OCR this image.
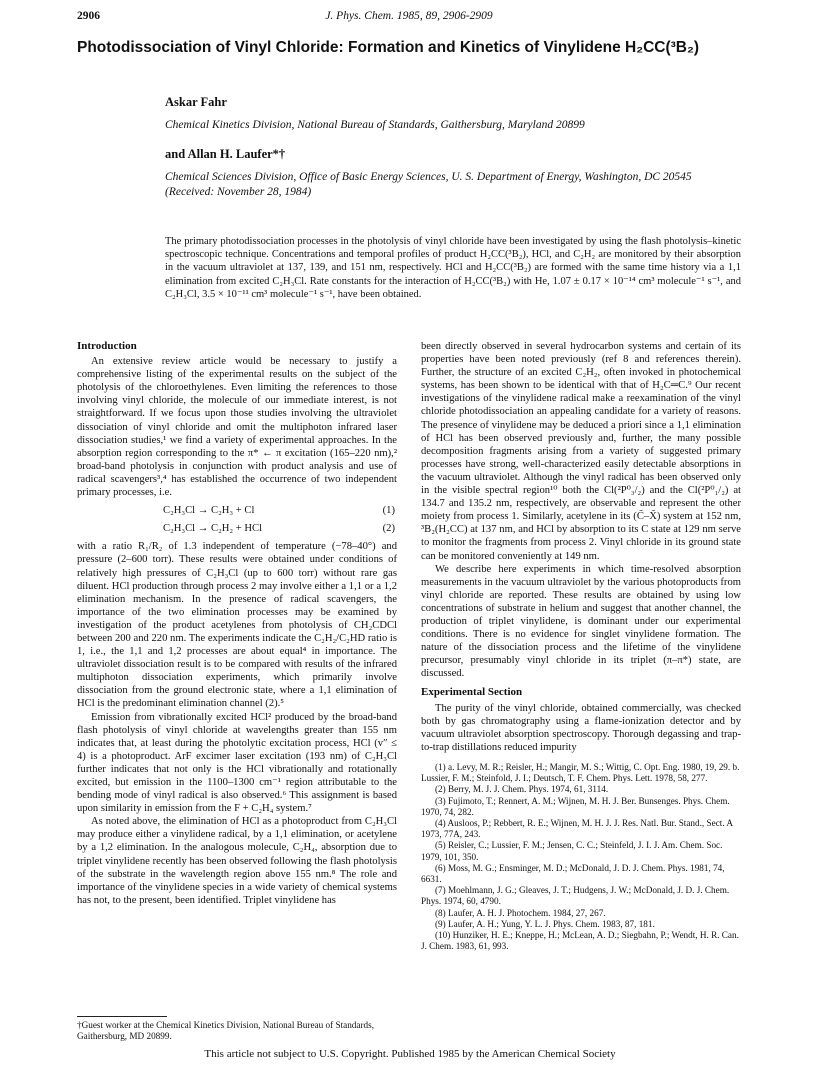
2906	J. Phys. Chem. 1985, 89, 2906-2909
Photodissociation of Vinyl Chloride: Formation and Kinetics of Vinylidene H₂CC(³B₂)
Askar Fahr
Chemical Kinetics Division, National Bureau of Standards, Gaithersburg, Maryland 20899
and Allan H. Laufer*†
Chemical Sciences Division, Office of Basic Energy Sciences, U. S. Department of Energy, Washington, DC 20545 (Received: November 28, 1984)
The primary photodissociation processes in the photolysis of vinyl chloride have been investigated by using the flash photolysis–kinetic spectroscopic technique. Concentrations and temporal profiles of product H₂CC(³B₂), HCl, and C₂H₂ are monitored by their absorption in the vacuum ultraviolet at 137, 139, and 151 nm, respectively. HCl and H₂CC(³B₂) are formed with the same time history via a 1,1 elimination from excited C₂H₃Cl. Rate constants for the interaction of H₂CC(³B₂) with He, 1.07 ± 0.17 × 10⁻¹⁴ cm³ molecule⁻¹ s⁻¹, and C₂H₃Cl, 3.5 × 10⁻¹¹ cm³ molecule⁻¹ s⁻¹, have been obtained.
Introduction

An extensive review article would be necessary to justify a comprehensive listing of the experimental results on the subject of the photolysis of the chloroethylenes. Even limiting the references to those involving vinyl chloride, the molecule of our immediate interest, is not straightforward. If we focus upon those studies involving the ultraviolet dissociation of vinyl chloride and omit the multiphoton infrared laser dissociation studies,¹ we find a variety of experimental approaches. In the absorption region corresponding to the π* ← π excitation (165–220 nm),² broad-band photolysis in conjunction with product analysis and use of radical scavengers³,⁴ has established the occurrence of two independent primary processes, i.e.

C₂H₃Cl → C₂H₃ + Cl	(1)
C₂H₃Cl → C₂H₂ + HCl	(2)

with a ratio R₁/R₂ of 1.3 independent of temperature (−78–40°) and pressure (2–600 torr). These results were obtained under conditions of relatively high pressures of C₂H₃Cl (up to 600 torr) without rare gas diluent. HCl production through process 2 may involve either a 1,1 or a 1,2 elimination mechanism. In the presence of radical scavengers, the importance of the two elimination processes may be examined by investigation of the product acetylenes from photolysis of CH₂CDCl between 200 and 220 nm. The experiments indicate the C₂H₂/C₂HD ratio is 1, i.e., the 1,1 and 1,2 processes are about equal⁴ in importance. The ultraviolet dissociation result is to be compared with results of the infrared multiphoton dissociation experiments, which primarily involve dissociation from the ground electronic state, where a 1,1 elimination of HCl is the predominant elimination channel (2).⁵

Emission from vibrationally excited HCl² produced by the broad-band flash photolysis of vinyl chloride at wavelengths greater than 155 nm indicates that, at least during the photolytic excitation process, HCl (v″ ≤ 4) is a photoproduct. ArF excimer laser excitation (193 nm) of C₂H₃Cl further indicates that not only is the HCl vibrationally and rotationally excited, but emission in the 1100–1300 cm⁻¹ region attributable to the bending mode of vinyl radical is also observed.⁶ This assignment is based upon similarity in emission from the F + C₂H₄ system.⁷

As noted above, the elimination of HCl as a photoproduct from C₂H₃Cl may produce either a vinylidene radical, by a 1,1 elimination, or acetylene by a 1,2 elimination. In the analogous molecule, C₂H₄, absorption due to triplet vinylidene recently has been observed following the flash photolysis of the substrate in the wavelength region above 155 nm.⁸ The role and importance of the vinylidene species in a wide variety of chemical systems has not, to the present, been identified. Triplet vinylidene has

been directly observed in several hydrocarbon systems and certain of its properties have been noted previously (ref 8 and references therein). Further, the structure of an excited C₂H₂, often invoked in photochemical systems, has been shown to be identical with that of H₂C═C.⁹ Our recent investigations of the vinylidene radical make a reexamination of the vinyl chloride photodissociation an appealing candidate for a variety of reasons. The presence of vinylidene may be deduced a priori since a 1,1 elimination of HCl has been observed previously and, further, the many possible decomposition fragments arising from a variety of suggested primary processes have strong, well-characterized easily detectable absorptions in the vacuum ultraviolet. Although the vinyl radical has been observed only in the visible spectral region¹⁰ both the Cl(²P⁰₃/₂) and the Cl(²P⁰₁/₂) at 134.7 and 135.2 nm, respectively, are observable and represent the other moiety from process 1. Similarly, acetylene in its (C̃–X̃) system at 152 nm, ³B₂(H₂CC) at 137 nm, and HCl by absorption to its C state at 129 nm serve to monitor the fragments from process 2. Vinyl chloride in its ground state can be monitored conveniently at 149 nm.

We describe here experiments in which time-resolved absorption measurements in the vacuum ultraviolet by the various photoproducts from vinyl chloride are reported. These results are obtained by using low concentrations of substrate in helium and suggest that another channel, the production of triplet vinylidene, is dominant under our experimental conditions. There is no evidence for singlet vinylidene formation. The nature of the dissociation process and the lifetime of the vinylidene precursor, presumably vinyl chloride in its triplet (π–π*) state, are discussed.

Experimental Section

The purity of the vinyl chloride, obtained commercially, was checked both by gas chromatography using a flame-ionization detector and by vacuum ultraviolet absorption spectroscopy. Thorough degassing and trap-to-trap distillations reduced impurity

(1) a. Levy, M. R.; Reisler, H.; Mangir, M. S.; Wittig, C. Opt. Eng. 1980, 19, 29. b. Lussier, F. M.; Steinfold, J. I.; Deutsch, T. F. Chem. Phys. Lett. 1978, 58, 277.
(2) Berry, M. J. J. Chem. Phys. 1974, 61, 3114.
(3) Fujimoto, T.; Rennert, A. M.; Wijnen, M. H. J. Ber. Bunsenges. Phys. Chem. 1970, 74, 282.
(4) Ausloos, P.; Rebbert, R. E.; Wijnen, M. H. J. J. Res. Natl. Bur. Stand., Sect. A 1973, 77A, 243.
(5) Reisler, C.; Lussier, F. M.; Jensen, C. C.; Steinfeld, J. I. J. Am. Chem. Soc. 1979, 101, 350.
(6) Moss, M. G.; Ensminger, M. D.; McDonald, J. D. J. Chem. Phys. 1981, 74, 6631.
(7) Moehlmann, J. G.; Gleaves, J. T.; Hudgens, J. W.; McDonald, J. D. J. Chem. Phys. 1974, 60, 4790.
(8) Laufer, A. H. J. Photochem. 1984, 27, 267.
(9) Laufer, A. H.; Yung, Y. L. J. Phys. Chem. 1983, 87, 181.
(10) Hunziker, H. E.; Kneppe, H.; McLean, A. D.; Siegbahn, P.; Wendt, H. R. Can. J. Chem. 1983, 61, 993.
†Guest worker at the Chemical Kinetics Division, National Bureau of Standards, Gaithersburg, MD 20899.
This article not subject to U.S. Copyright. Published 1985 by the American Chemical Society
